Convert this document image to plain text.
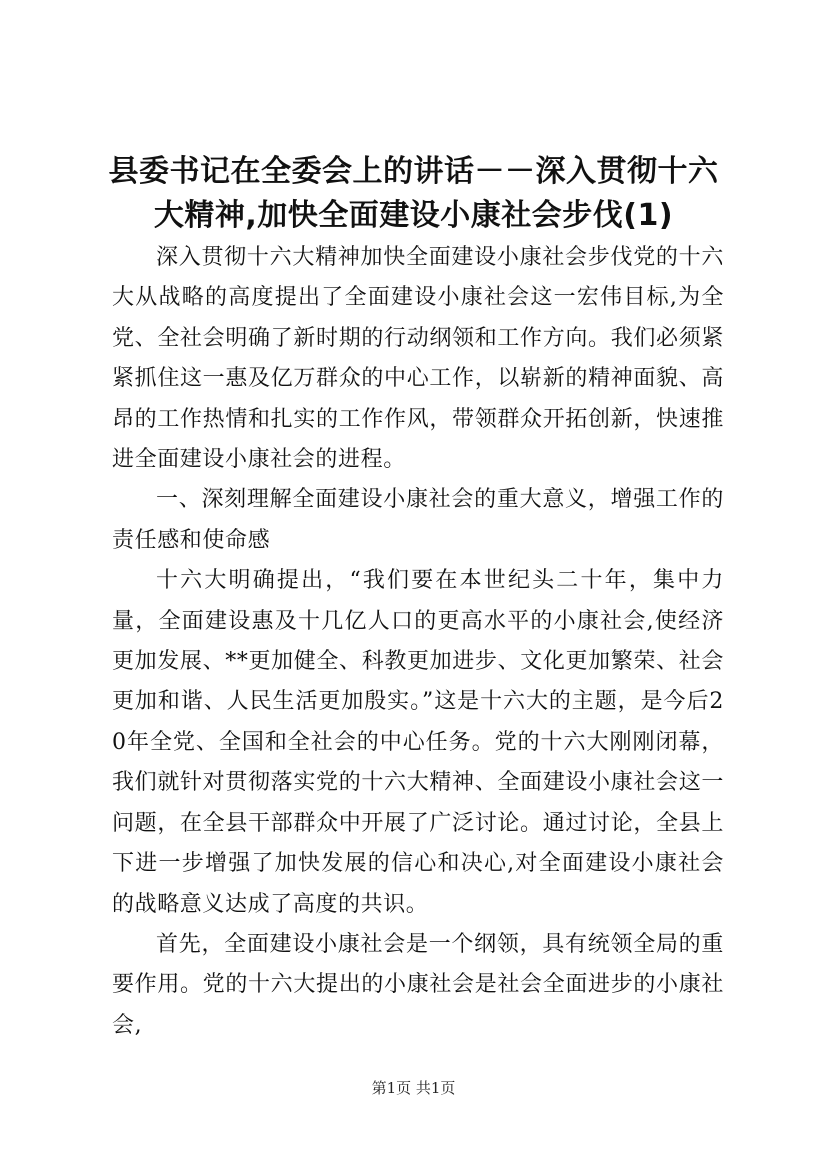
县委书记在全委会上的讲话－－深入贯彻十六大精神,加快全面建设小康社会步伐(1)

深入贯彻十六大精神加快全面建设小康社会步伐党的十六大从战略的高度提出了全面建设小康社会这一宏伟目标,为全党、全社会明确了新时期的行动纲领和工作方向。我们必须紧紧抓住这一惠及亿万群众的中心工作，以崭新的精神面貌、高昂的工作热情和扎实的工作作风，带领群众开拓创新，快速推进全面建设小康社会的进程。

一、深刻理解全面建设小康社会的重大意义，增强工作的责任感和使命感

十六大明确提出，“我们要在本世纪头二十年，集中力量，全面建设惠及十几亿人口的更高水平的小康社会,使经济更加发展、**更加健全、科教更加进步、文化更加繁荣、社会更加和谐、人民生活更加殷实。”这是十六大的主题，是今后20年全党、全国和全社会的中心任务。党的十六大刚刚闭幕，我们就针对贯彻落实党的十六大精神、全面建设小康社会这一问题，在全县干部群众中开展了广泛讨论。通过讨论，全县上下进一步增强了加快发展的信心和决心,对全面建设小康社会的战略意义达成了高度的共识。

首先，全面建设小康社会是一个纲领，具有统领全局的重要作用。党的十六大提出的小康社会是社会全面进步的小康社会,

第1页 共1页
